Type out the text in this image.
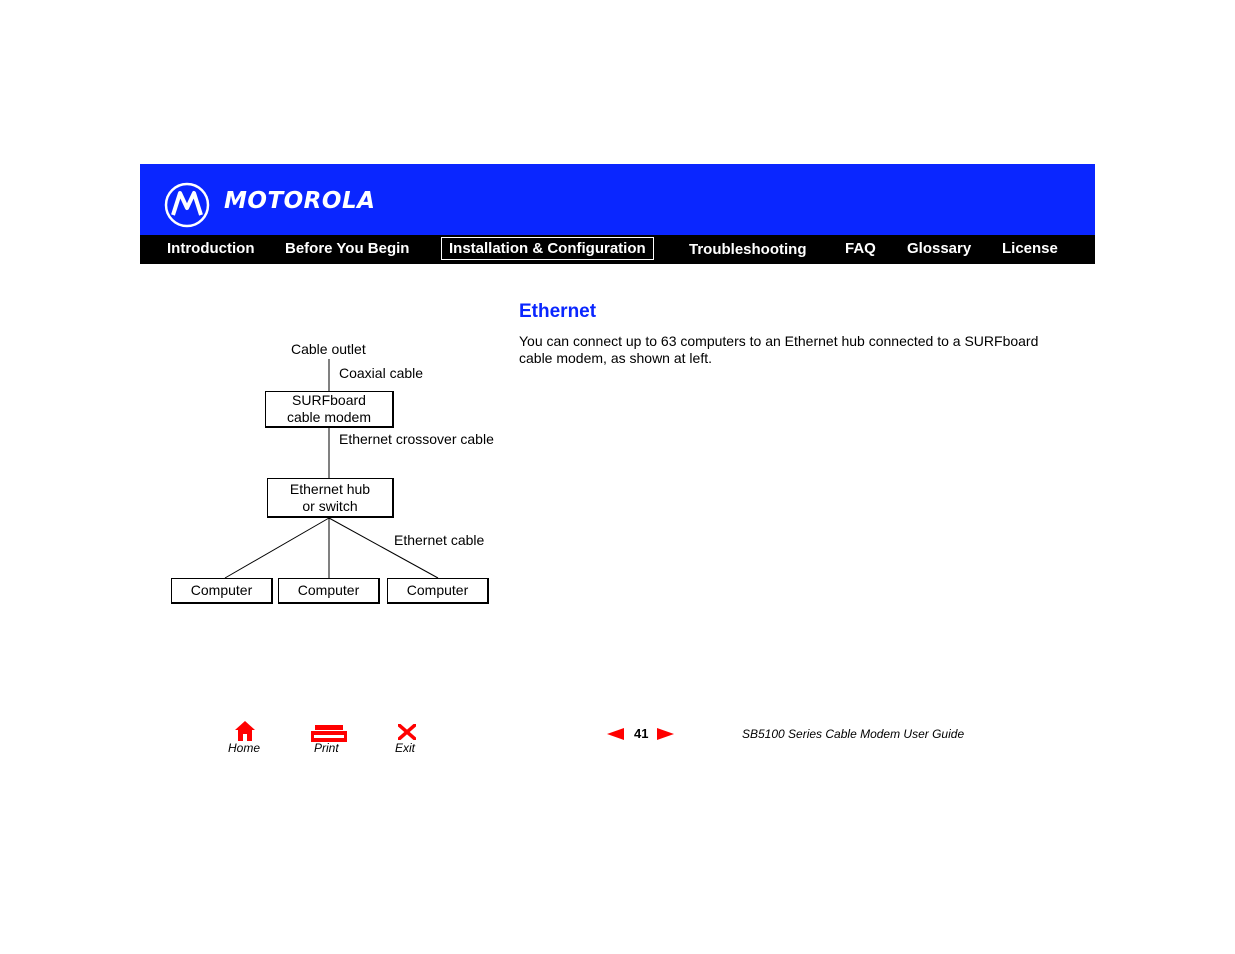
MOTOROLA
Introduction Before You Begin	Installation & Configuration	Troubleshooting	FAQ Glossary License
Cable outlet
Coaxial cable
SURFboard
cable modem
Ethernet crossover cable
Ethernet hub
or switch
Ethernet cable
Computer	Computer	Computer
Ethernet
You can connect up to 63 computers to an Ethernet hub connected to a SURFboard cable modem, as shown at left.
Home	Print	Exit
41	SB5100 Series Cable Modem User Guide
